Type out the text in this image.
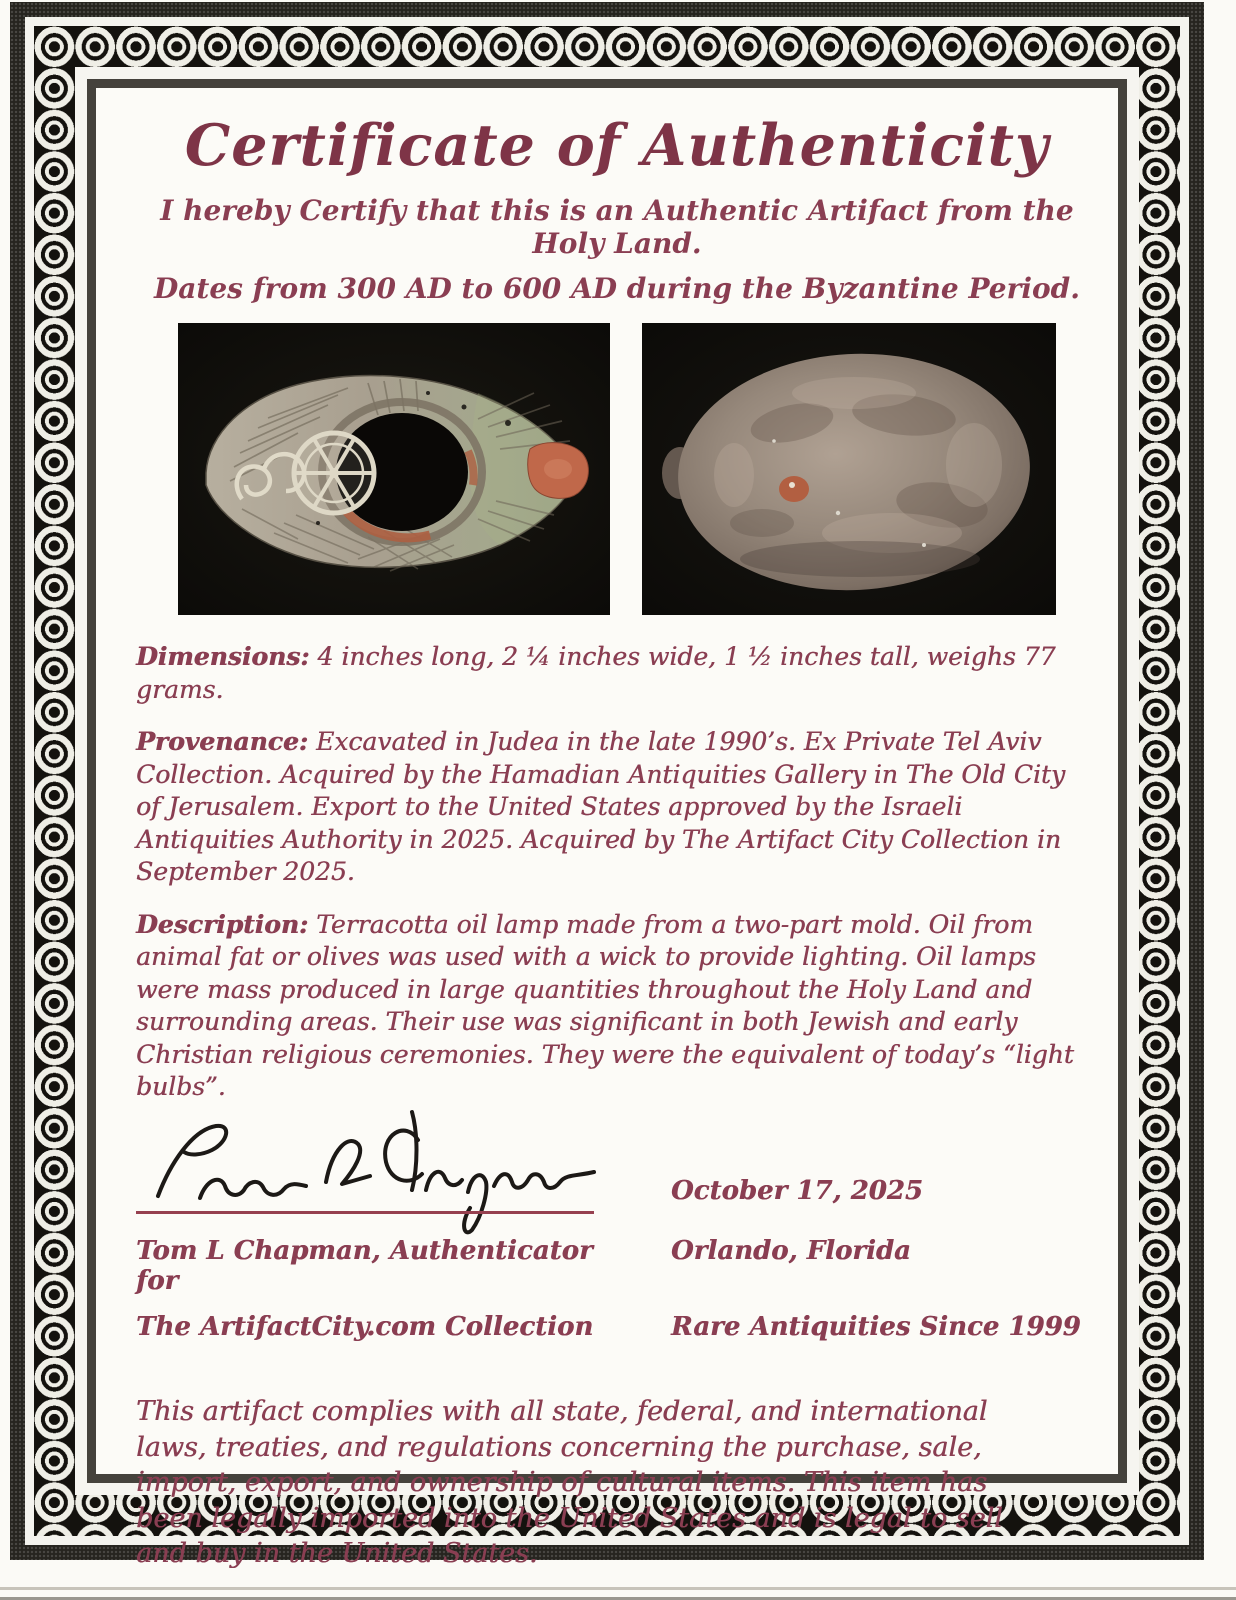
Certificate of Authenticity

I hereby Certify that this is an Authentic Artifact from the Holy Land.

Dates from 300 AD to 600 AD during the Byzantine Period.

Dimensions: 4 inches long, 2 ¼ inches wide, 1 ½ inches tall, weighs 77 grams.

Provenance: Excavated in Judea in the late 1990’s. Ex Private Tel Aviv Collection. Acquired by the Hamadian Antiquities Gallery in The Old City of Jerusalem. Export to the United States approved by the Israeli Antiquities Authority in 2025. Acquired by The Artifact City Collection in September 2025.

Description: Terracotta oil lamp made from a two-part mold. Oil from animal fat or olives was used with a wick to provide lighting. Oil lamps were mass produced in large quantities throughout the Holy Land and surrounding areas. Their use was significant in both Jewish and early Christian religious ceremonies. They were the equivalent of today’s “light bulbs”.

October 17, 2025
Tom L Chapman, Authenticator for
Orlando, Florida
The ArtifactCity.com Collection	Rare Antiquities Since 1999

This artifact complies with all state, federal, and international laws, treaties, and regulations concerning the purchase, sale, import, export, and ownership of cultural items. This item has been legally imported into the United States and is legal to sell and buy in the United States.
